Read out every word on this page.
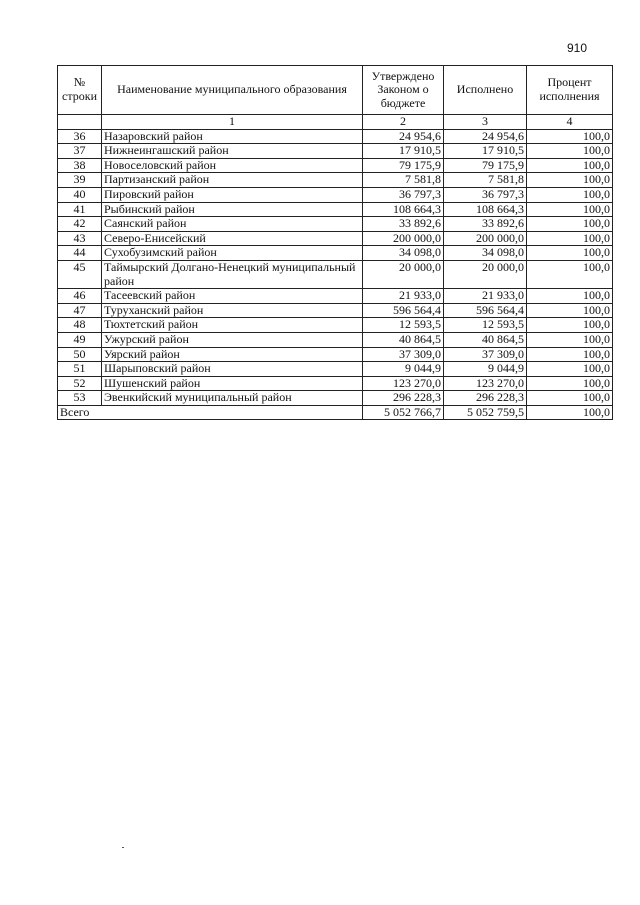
910
№ строки	Наименование муниципального образования	Утверждено Законом о бюджете	Исполнено	Процент исполнения
	1	2	3	4
36	Назаровский район	24 954,6	24 954,6	100,0
37	Нижнеингашский район	17 910,5	17 910,5	100,0
38	Новоселовский район	79 175,9	79 175,9	100,0
39	Партизанский район	7 581,8	7 581,8	100,0
40	Пировский район	36 797,3	36 797,3	100,0
41	Рыбинский район	108 664,3	108 664,3	100,0
42	Саянский район	33 892,6	33 892,6	100,0
43	Северо-Енисейский	200 000,0	200 000,0	100,0
44	Сухобузимский район	34 098,0	34 098,0	100,0
45	Таймырский Долгано-Ненецкий муниципальный район	20 000,0	20 000,0	100,0
46	Тасеевский район	21 933,0	21 933,0	100,0
47	Туруханский район	596 564,4	596 564,4	100,0
48	Тюхтетский район	12 593,5	12 593,5	100,0
49	Ужурский район	40 864,5	40 864,5	100,0
50	Уярский район	37 309,0	37 309,0	100,0
51	Шарыповский район	9 044,9	9 044,9	100,0
52	Шушенский район	123 270,0	123 270,0	100,0
53	Эвенкийский муниципальный район	296 228,3	296 228,3	100,0
Всего		5 052 766,7	5 052 759,5	100,0
